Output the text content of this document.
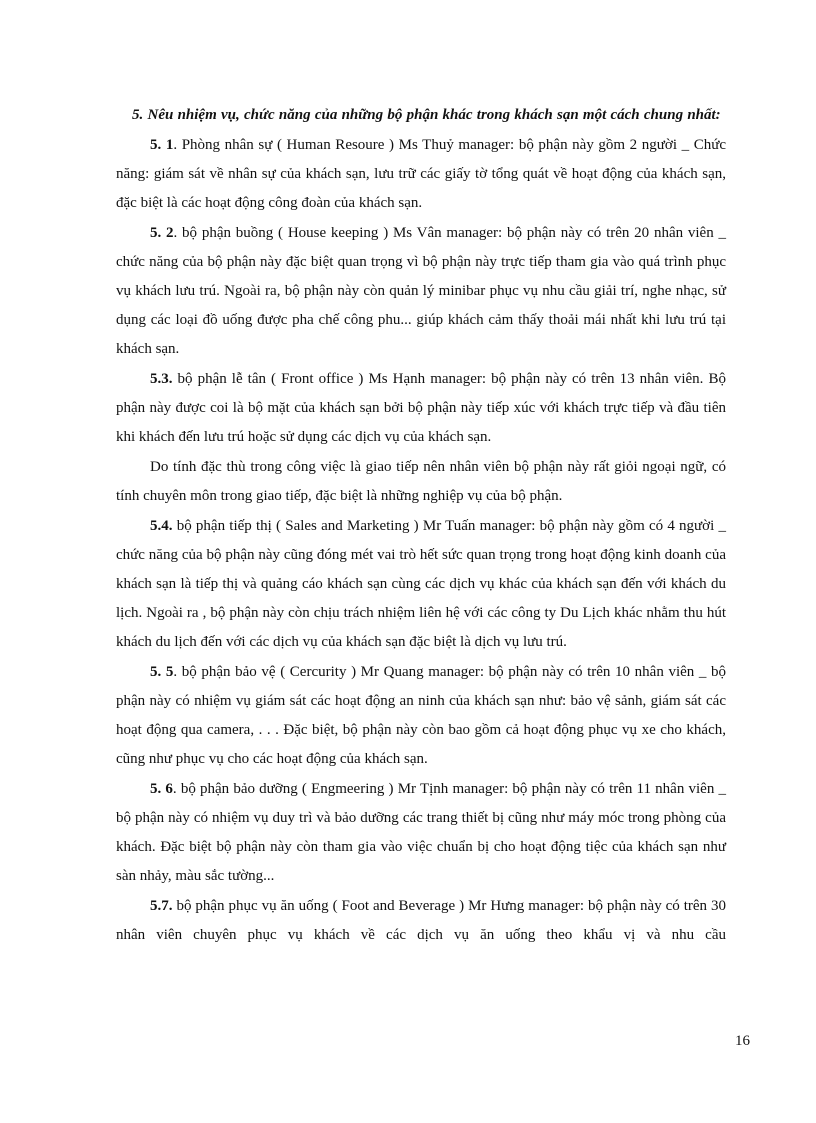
5. Nêu nhiệm vụ, chức năng của những bộ phận khác trong khách sạn một cách chung nhất:

5. 1. Phòng nhân sự ( Human Resoure ) Ms Thuỷ manager: bộ phận này gồm 2 người _ Chức năng: giám sát về nhân sự của khách sạn, lưu trữ các giấy tờ tổng quát về hoạt động của khách sạn, đặc biệt là các hoạt động công đoàn của khách sạn.

5. 2. bộ phận buồng ( House keeping ) Ms Vân manager: bộ phận này có trên 20 nhân viên _ chức năng của bộ phận này đặc biệt quan trọng vì bộ phận này trực tiếp tham gia vào quá trình phục vụ khách lưu trú. Ngoài ra, bộ phận này còn quản lý minibar phục vụ nhu cầu giải trí, nghe nhạc, sử dụng các loại đồ uống được pha chế công phu... giúp khách cảm thấy thoải mái nhất khi lưu trú tại khách sạn.

5.3. bộ phận lễ tân ( Front office ) Ms Hạnh manager: bộ phận này có trên 13 nhân viên. Bộ phận này được coi là bộ mặt của khách sạn bởi bộ phận này tiếp xúc với khách trực tiếp và đầu tiên khi khách đến lưu trú hoặc sử dụng các dịch vụ của khách sạn.

Do tính đặc thù trong công việc là giao tiếp nên nhân viên bộ phận này rất giỏi ngoại ngữ, có tính chuyên môn trong giao tiếp, đặc biệt là những nghiệp vụ của bộ phận.

5.4. bộ phận tiếp thị ( Sales and Marketing ) Mr Tuấn manager: bộ phận này gồm có 4 người _ chức năng của bộ phận này cũng đóng mét vai trò hết sức quan trọng trong hoạt động kinh doanh của khách sạn là tiếp thị và quảng cáo khách sạn cùng các dịch vụ khác của khách sạn đến với khách du lịch. Ngoài ra , bộ phận này còn chịu trách nhiệm liên hệ với các công ty Du Lịch khác nhằm thu hút khách du lịch đến với các dịch vụ của khách sạn đặc biệt là dịch vụ lưu trú.

5. 5. bộ phận bảo vệ ( Cercurity ) Mr Quang manager: bộ phận này có trên 10 nhân viên _ bộ phận này có nhiệm vụ giám sát các hoạt động an ninh của khách sạn như: bảo vệ sảnh, giám sát các hoạt động qua camera, . . . Đặc biệt, bộ phận này còn bao gồm cả hoạt động phục vụ xe cho khách, cũng như phục vụ cho các hoạt động của khách sạn.

5. 6. bộ phận bảo dưỡng ( Engmeering ) Mr Tịnh manager: bộ phận này có trên 11 nhân viên _ bộ phận này có nhiệm vụ duy trì và bảo dưỡng các trang thiết bị cũng như máy móc trong phòng của khách. Đặc biệt bộ phận này còn tham gia vào việc chuẩn bị cho hoạt động tiệc của khách sạn như sàn nhảy, màu sắc tường...

5.7. bộ phận phục vụ ăn uống ( Foot and Beverage ) Mr Hưng manager: bộ phận này có trên 30 nhân viên chuyên phục vụ khách về các dịch vụ ăn uống theo khẩu vị và nhu cầu

16
